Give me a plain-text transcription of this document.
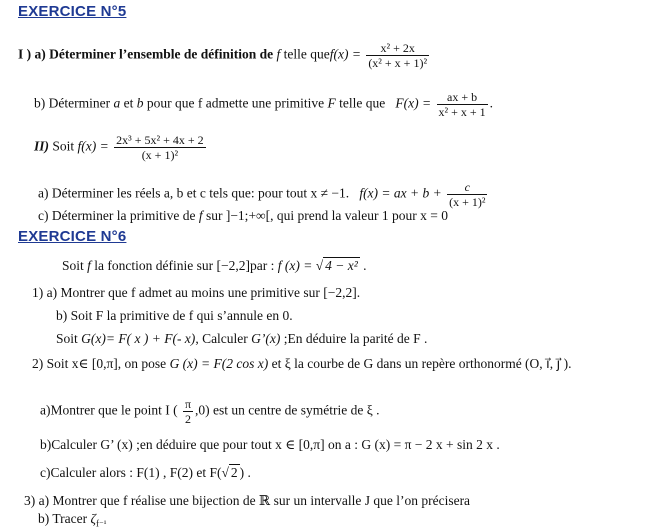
EXERCICE N°5
I ) a) Déterminer l’ensemble de définition de f telle quef(x) = $\frac{\text{x² + 2x}}{\text{(x² + x + 1)²}}$
b) Déterminer a et b pour que f admette une primitive F telle que $F(x) = \frac{ax + b}{\text{x² + x + 1}}$ .
II) Soit $f(x) = \frac{\text{2x³ + 5x² + 4x + 2}}{\text{(x + 1)²}}$
a) Déterminer les réels a, b et c tels que: pour tout x ≠ −1. f(x) = ax + $b + \frac{c}{\text{(x + 1)²}}$
c) Déterminer la primitive de f sur ]−1;+∞[, qui prend la valeur 1 pour x = 0
EXERCICE N°6
Soit f la fonction définie sur [−2,2]par : f (x) = √ 4 − x² .
1) a) Montrer que f admet au moins une primitive sur [−2,2].
b) Soit F la primitive de f qui s’annule en 0.
Soit G(x)= F( x ) + F(- x), Calculer G’(x) ;En déduire la parité de F .
2) Soit x∈ [0,π], on pose G (x) = F(2 cos x) et ξ la courbe de G dans un repère orthonormé (O, i⃗, j⃗ ).
a)Montrer que le point I ( $\frac{\pi}{2} ,0$) est un centre de symétrie de ξ .
b)Calculer G’ (x) ;en déduire que pour tout x ∈ [0,π] on a : G (x) = π − 2 x + sin 2 x .
c)Calculer alors : F(1) , F(2) et F(√ 2 ) .
3) a) Montrer que f réalise une bijection de ℝ sur un intervalle J que l’on précisera
b) Tracer $\zeta_{f^{-1}}$
